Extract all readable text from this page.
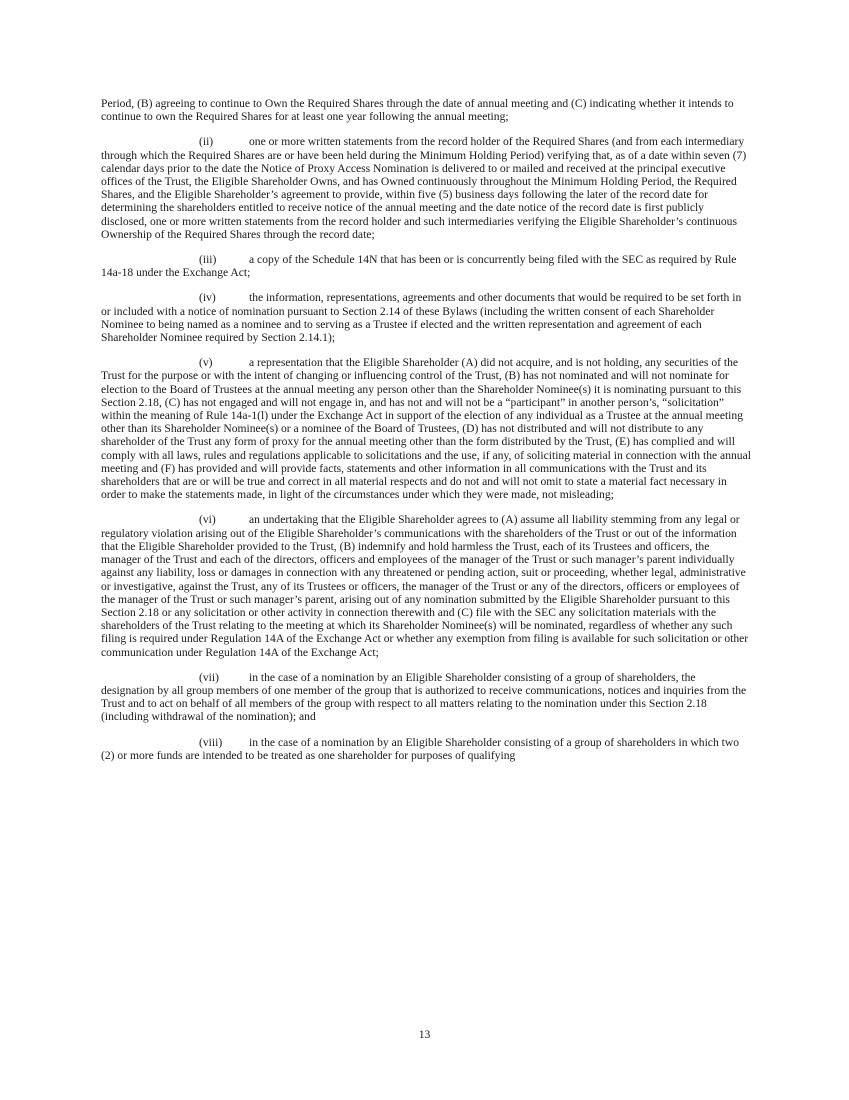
Period, (B) agreeing to continue to Own the Required Shares through the date of annual meeting and (C) indicating whether it intends to continue to own the Required Shares for at least one year following the annual meeting;

(ii)	one or more written statements from the record holder of the Required Shares (and from each intermediary through which the Required Shares are or have been held during the Minimum Holding Period) verifying that, as of a date within seven (7) calendar days prior to the date the Notice of Proxy Access Nomination is delivered to or mailed and received at the principal executive offices of the Trust, the Eligible Shareholder Owns, and has Owned continuously throughout the Minimum Holding Period, the Required Shares, and the Eligible Shareholder’s agreement to provide, within five (5) business days following the later of the record date for determining the shareholders entitled to receive notice of the annual meeting and the date notice of the record date is first publicly disclosed, one or more written statements from the record holder and such intermediaries verifying the Eligible Shareholder’s continuous Ownership of the Required Shares through the record date;

(iii)	a copy of the Schedule 14N that has been or is concurrently being filed with the SEC as required by Rule 14a-18 under the Exchange Act;

(iv)	the information, representations, agreements and other documents that would be required to be set forth in or included with a notice of nomination pursuant to Section 2.14 of these Bylaws (including the written consent of each Shareholder Nominee to being named as a nominee and to serving as a Trustee if elected and the written representation and agreement of each Shareholder Nominee required by Section 2.14.1);

(v)	a representation that the Eligible Shareholder (A) did not acquire, and is not holding, any securities of the Trust for the purpose or with the intent of changing or influencing control of the Trust, (B) has not nominated and will not nominate for election to the Board of Trustees at the annual meeting any person other than the Shareholder Nominee(s) it is nominating pursuant to this Section 2.18, (C) has not engaged and will not engage in, and has not and will not be a “participant” in another person’s, “solicitation” within the meaning of Rule 14a-1(l) under the Exchange Act in support of the election of any individual as a Trustee at the annual meeting other than its Shareholder Nominee(s) or a nominee of the Board of Trustees, (D) has not distributed and will not distribute to any shareholder of the Trust any form of proxy for the annual meeting other than the form distributed by the Trust, (E) has complied and will comply with all laws, rules and regulations applicable to solicitations and the use, if any, of soliciting material in connection with the annual meeting and (F) has provided and will provide facts, statements and other information in all communications with the Trust and its shareholders that are or will be true and correct in all material respects and do not and will not omit to state a material fact necessary in order to make the statements made, in light of the circumstances under which they were made, not misleading;

(vi)	an undertaking that the Eligible Shareholder agrees to (A) assume all liability stemming from any legal or regulatory violation arising out of the Eligible Shareholder’s communications with the shareholders of the Trust or out of the information that the Eligible Shareholder provided to the Trust, (B) indemnify and hold harmless the Trust, each of its Trustees and officers, the manager of the Trust and each of the directors, officers and employees of the manager of the Trust or such manager’s parent individually against any liability, loss or damages in connection with any threatened or pending action, suit or proceeding, whether legal, administrative or investigative, against the Trust, any of its Trustees or officers, the manager of the Trust or any of the directors, officers or employees of the manager of the Trust or such manager’s parent, arising out of any nomination submitted by the Eligible Shareholder pursuant to this Section 2.18 or any solicitation or other activity in connection therewith and (C) file with the SEC any solicitation materials with the shareholders of the Trust relating to the meeting at which its Shareholder Nominee(s) will be nominated, regardless of whether any such filing is required under Regulation 14A of the Exchange Act or whether any exemption from filing is available for such solicitation or other communication under Regulation 14A of the Exchange Act;

(vii)	in the case of a nomination by an Eligible Shareholder consisting of a group of shareholders, the designation by all group members of one member of the group that is authorized to receive communications, notices and inquiries from the Trust and to act on behalf of all members of the group with respect to all matters relating to the nomination under this Section 2.18 (including withdrawal of the nomination); and

(viii) in the case of a nomination by an Eligible Shareholder consisting of a group of shareholders in which two (2) or more funds are intended to be treated as one shareholder for purposes of qualifying

13
